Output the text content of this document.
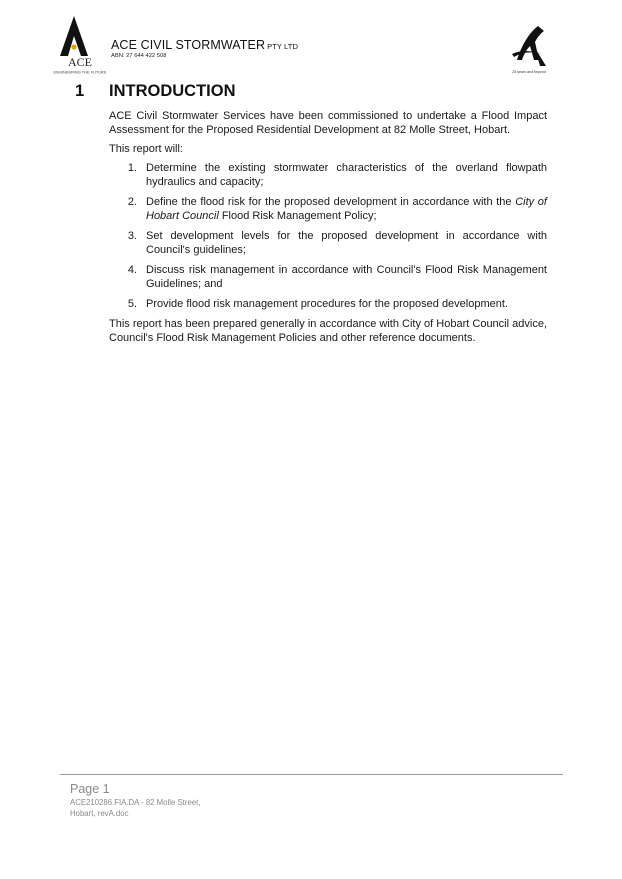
ACE
ENGINEERING THE FUTURE
ACE CIVIL STORMWATER PTY LTD
ABN: 27 644 422 508
25 years and beyond
1	INTRODUCTION

ACE Civil Stormwater Services have been commissioned to undertake a Flood Impact Assessment for the Proposed Residential Development at 82 Molle Street, Hobart.

This report will:

1. Determine the existing stormwater characteristics of the overland flowpath hydraulics and capacity;
2. Define the flood risk for the proposed development in accordance with the City of Hobart Council Flood Risk Management Policy;
3. Set development levels for the proposed development in accordance with Council's guidelines;
4. Discuss risk management in accordance with Council's Flood Risk Management Guidelines; and
5. Provide flood risk management procedures for the proposed development.

This report has been prepared generally in accordance with City of Hobart Council advice, Council's Flood Risk Management Policies and other reference documents.

Page 1
ACE210286.FIA.DA - 82 Molle Street,
Hobart, revA.doc
